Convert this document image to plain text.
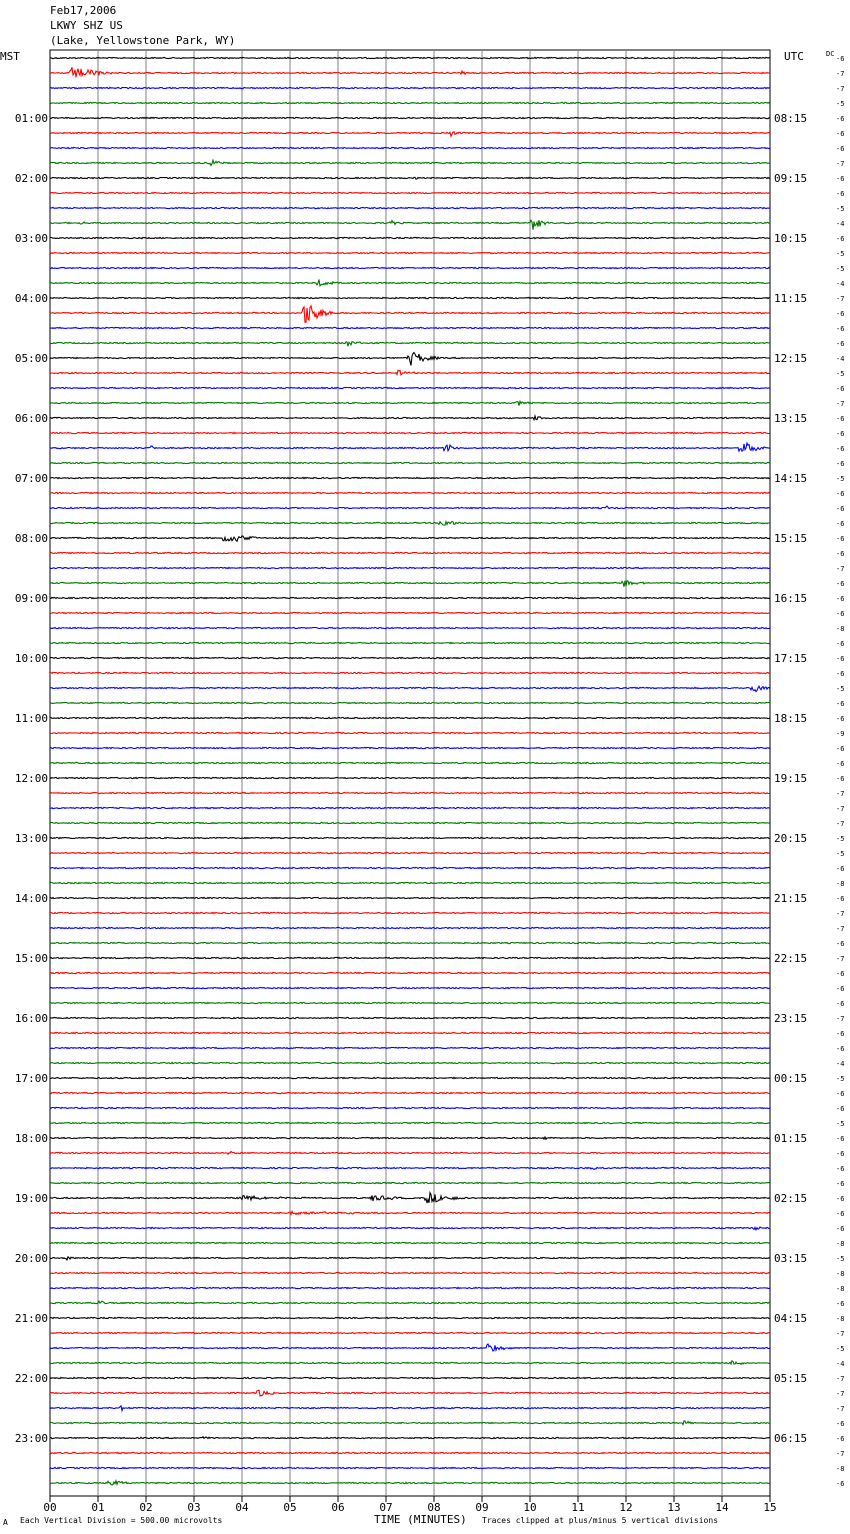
Feb17,2006
LKWY SHZ US
(Lake, Yellowstone Park, WY)
MST	UTC	DC
01:00
02:00
03:00
04:00
05:00
06:00
07:00
08:00
09:00
10:00
11:00
12:00
13:00
14:00
15:00
16:00
17:00
18:00
19:00
20:00
21:00
22:00
23:00
08:15
09:15
10:15
11:15
12:15
13:15
14:15
15:15
16:15
17:15
18:15
19:15
20:15
21:15
22:15
23:15
00:15
01:15
02:15
03:15
04:15
05:15
06:15
-6
-7
-7
-5
-6
-6
-6
-7
-6
-6
-5
-4
-6
-5
-5
-4
-7
-6
-6
-6
-4
-5
-6
-7
-6
-6
-6
-6
-5
-6
-6
-6
-6
-6
-7
-6
-6
-6
-8
-6
-6
-6
-5
-6
-6
-9
-6
-6
-6
-7
-7
-7
-5
-5
-6
-8
-6
-7
-7
-6
-7
-6
-6
-6
-7
-6
-6
-4
-5
-6
-6
-5
-6
-6
-6
-6
-6
-6
-6
-8
-5
-8
-8
-6
-8
-7
-5
-4
-7
-7
-7
-6
-6
-7
-8
-6
00	01	02	03	04	05	06	07	08	09	10	11	12	13	14	15
A Each Vertical Division = 500.00 microvolts	TIME (MINUTES) Traces clipped at plus/minus 5 vertical divisions
